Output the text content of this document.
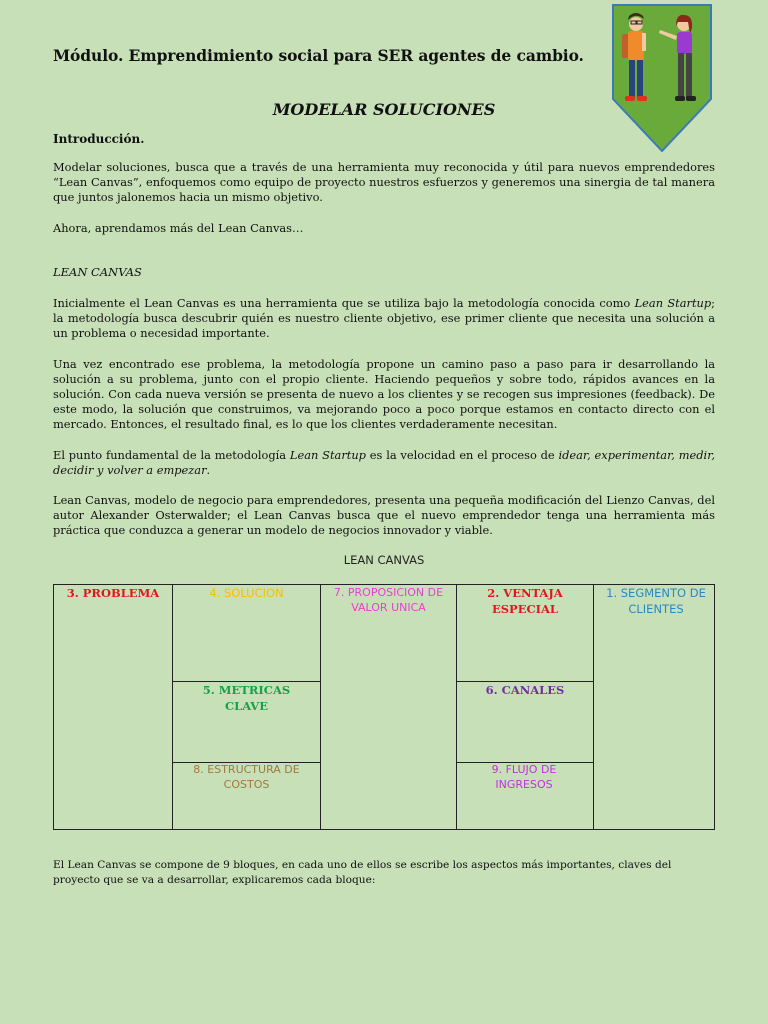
Módulo. Emprendimiento social para SER agentes de cambio.
MODELAR SOLUCIONES
Introducción.

Modelar soluciones, busca que a través de una herramienta muy reconocida y útil para nuevos emprendedores “Lean Canvas”, enfoquemos como equipo de proyecto nuestros esfuerzos y generemos una sinergia de tal manera que juntos jalonemos hacia un mismo objetivo.

Ahora, aprendamos más del Lean Canvas…

LEAN CANVAS

Inicialmente el Lean Canvas es una herramienta que se utiliza bajo la metodología conocida como Lean Startup; la metodología busca descubrir quién es nuestro cliente objetivo, ese primer cliente que necesita una solución a un problema o necesidad importante.

Una vez encontrado ese problema, la metodología propone un camino paso a paso para ir desarrollando la solución a su problema, junto con el propio cliente. Haciendo pequeños y sobre todo, rápidos avances en la solución. Con cada nueva versión se presenta de nuevo a los clientes y se recogen sus impresiones (feedback). De este modo, la solución que construimos, va mejorando poco a poco porque estamos en contacto directo con el mercado. Entonces, el resultado final, es lo que los clientes verdaderamente necesitan.

El punto fundamental de la metodología Lean Startup es la velocidad en el proceso de idear, experimentar, medir, decidir y volver a empezar.

Lean Canvas, modelo de negocio para emprendedores, presenta una pequeña modificación del Lienzo Canvas, del autor Alexander Osterwalder; el Lean Canvas busca que el nuevo emprendedor tenga una herramienta más práctica que conduzca a generar un modelo de negocios innovador y viable.

LEAN CANVAS
3. PROBLEMA	4. SOLUCION	7. PROPOSICION DE VALOR UNICA
2. VENTAJA ESPECIAL
1. SEGMENTO DE CLIENTES
5. METRICAS CLAVE
6. CANALES
8. ESTRUCTURA DE COSTOS
9. FLUJO DE INGRESOS
El Lean Canvas se compone de 9 bloques, en cada uno de ellos se escribe los aspectos más importantes, claves del proyecto que se va a desarrollar, explicaremos cada bloque:
